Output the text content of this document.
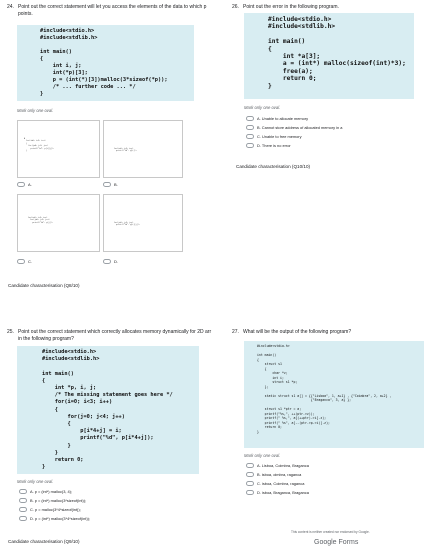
24. Point out the correct statement will let you access the elements of the data to which p
points.
#include<stdio.h>
#include<stdlib.h>

int main()
{
int i, j;
int(*p)[3];
p = (int(*)[3])malloc(3*sizeof(*p));
/* ... further code ... */
}
Mark only one oval.
A
for(i=0; i<3; i++)
{
for(j=0; j<3; j++)
printf("%d", p[i][j]);
}
for(i=0; i<3; i++)
printf("%d", p[i]);
A.	B.
for(i=0; i<3; i++)
for(j=0; j<3; j++)
printf("%d", p[j]);	for(j=0; j<3; j++)
printf("%d", p[i][j]);
C.	D.
Candidate characterisation (Q8/10)
26. Point out the error in the following program.
#include<stdio.h>
#include<stdlib.h>

int main()
{
int *a[3];
a = (int*) malloc(sizeof(int)*3);
free(a);
return 0;
}
Mark only one oval.
A. Unable to allocate memory
B. Cannot store address of allocated memory in a
C. Unable to free memory
D. There is no error
Candidate characterisation (Q10/10)
25. Point out the correct statement which correctly allocates memory dynamically for 2D arr
in the following program?
#include<stdio.h>
#include<stdlib.h>

int main()
{
int *p, i, j;
/* The missing statement goes here */
for(i=0; i<3; i++)
{
for(j=0; j<4; j++)
{
p[i*4+j] = i;
printf("%d", p[i*4+j]);
}
}
return 0;
}
Mark only one oval.
A. p = (int*) malloc(3, 4);
B. p = (int*) malloc(3*sizeof(int));
C. p = malloc(3*4*sizeof(int));
D. p = (int*) malloc(3*4*sizeof(int));
Candidate characterisation (Q9/10)
27. What will be the output of the following program?
#include<stdio.h>

int main()
{
struct s1
{
char *z;
int i;
struct s1 *p;
};

static struct s1 a[] = {{"Lisboa", 1, a+1} , {"Coimbra", 2, a+2} ,
{"Braganca", 3, a} };

struct s1 *ptr = a;
printf("%s,", ++(ptr->z));
printf(" %s,", a[(++ptr)->i].z);
printf(" %s", a[--(ptr->p->i)].z);
return 0;
}
Mark only one oval.
A. Lisboa, Coimbra, Braganca
B. isboa, oimbra, raganca
C. isboa, Coimbra, raganca
D. isboa, Braganca, Braganca
This content is neither created nor endorsed by Google.
Google Forms
